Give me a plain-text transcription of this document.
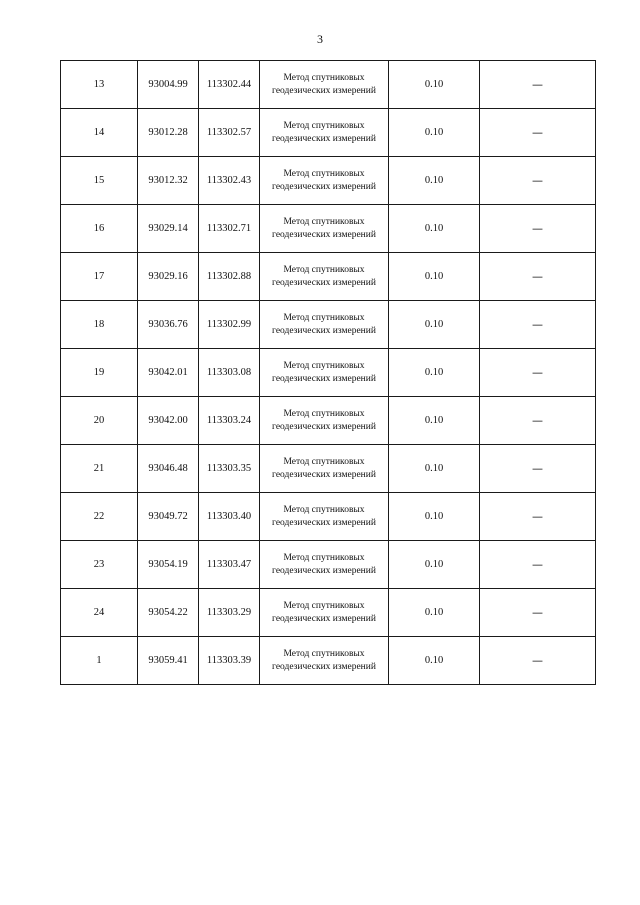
3
13	93004.99	113302.44	Метод спутниковых
геодезических измерений	0.10	—
14	93012.28	113302.57	Метод спутниковых
геодезических измерений	0.10	—
15	93012.32	113302.43	Метод спутниковых
геодезических измерений	0.10	—
16	93029.14	113302.71	Метод спутниковых
геодезических измерений	0.10	—
17	93029.16	113302.88	Метод спутниковых
геодезических измерений	0.10	—
18	93036.76	113302.99	Метод спутниковых
геодезических измерений	0.10	—
19	93042.01	113303.08	Метод спутниковых
геодезических измерений	0.10	—
20	93042.00	113303.24	Метод спутниковых
геодезических измерений	0.10	—
21	93046.48	113303.35	Метод спутниковых
геодезических измерений	0.10	—
22	93049.72	113303.40	Метод спутниковых
геодезических измерений	0.10	—
23	93054.19	113303.47	Метод спутниковых
геодезических измерений	0.10	—
24	93054.22	113303.29	Метод спутниковых
геодезических измерений	0.10	—
1	93059.41	113303.39	Метод спутниковых
геодезических измерений	0.10	—
